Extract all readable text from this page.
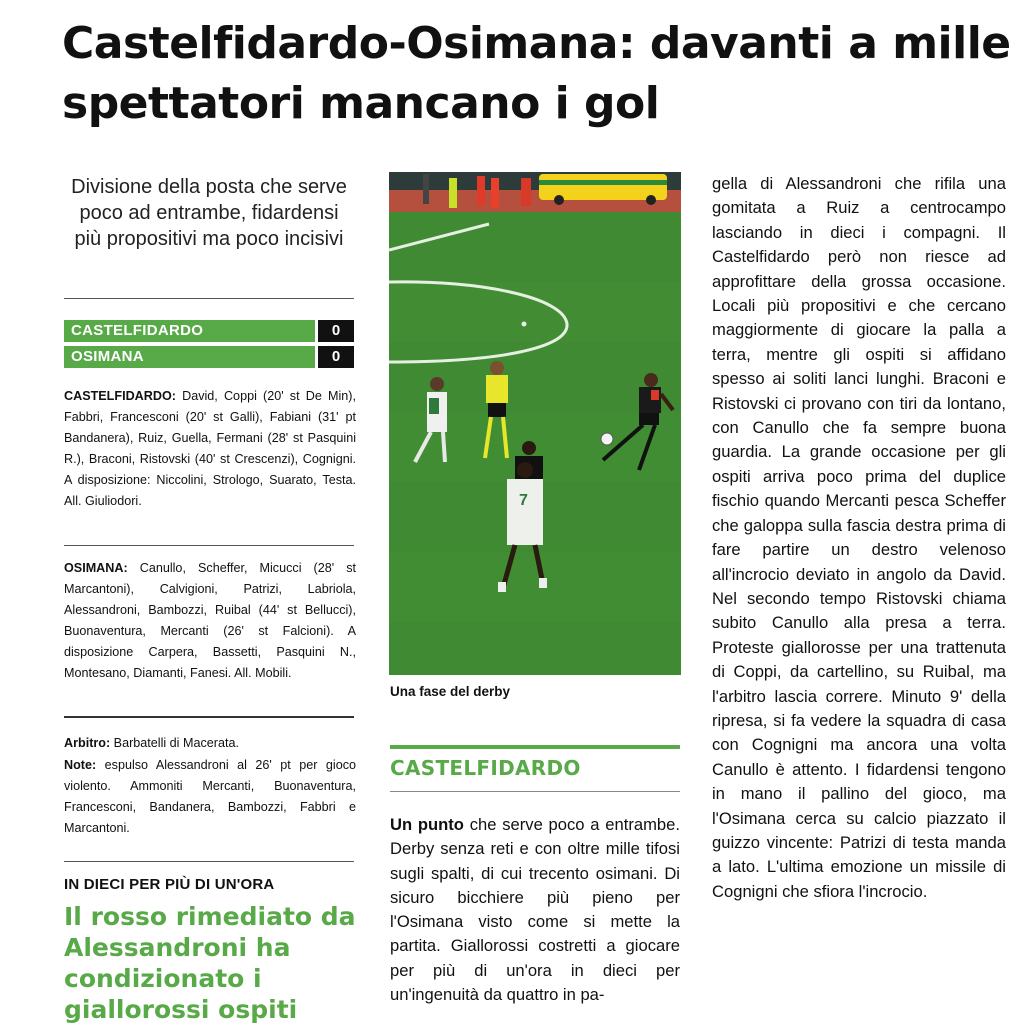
Castelfidardo-Osimana: davanti a mille spettatori mancano i gol

Divisione della posta che serve poco ad entrambe, fidardensi più propositivi ma poco incisivi

CASTELFIDARDO	0
OSIMANA	0

CASTELFIDARDO: David, Coppi (20' st De Min), Fabbri, Francesconi (20' st Galli), Fabiani (31' pt Bandanera), Ruiz, Guella, Fermani (28' st Pasquini R.), Braconi, Ristovski (40' st Crescenzi), Cognigni. A disposizione: Niccolini, Strologo, Suarato, Testa. All. Giuliodori.

OSIMANA: Canullo, Scheffer, Micucci (28' st Marcantoni), Calvigioni, Patrizi, Labriola, Alessandroni, Bambozzi, Ruibal (44' st Bellucci), Buonaventura, Mercanti (26' st Falcioni). A disposizione Carpera, Bassetti, Pasquini N., Montesano, Diamanti, Fanesi. All. Mobili.

Arbitro: Barbatelli di Macerata.

Note: espulso Alessandroni al 26' pt per gioco violento. Ammoniti Mercanti, Buonaventura, Francesconi, Bandanera, Bambozzi, Fabbri e Marcantoni.

IN DIECI PER PIÙ DI UN'ORA

Il rosso rimediato da Alessandroni ha condizionato i giallorossi ospiti

7

Una fase del derby

CASTELFIDARDO

Un punto che serve poco a entrambe. Derby senza reti e con oltre mille tifosi sugli spalti, di cui trecento osimani. Di sicuro bicchiere più pieno per l'Osimana visto come si mette la partita. Giallorossi costretti a giocare per più di un'ora in dieci per un'ingenuità da quattro in pa-

gella di Alessandroni che rifila una gomitata a Ruiz a centrocampo lasciando in dieci i compagni. Il Castelfidardo però non riesce ad approfittare della grossa occasione. Locali più propositivi e che cercano maggiormente di giocare la palla a terra, mentre gli ospiti si affidano spesso ai soliti lanci lunghi. Braconi e Ristovski ci provano con tiri da lontano, con Canullo che fa sempre buona guardia. La grande occasione per gli ospiti arriva poco prima del duplice fischio quando Mercanti pesca Scheffer che galoppa sulla fascia destra prima di fare partire un destro velenoso all'incrocio deviato in angolo da David. Nel secondo tempo Ristovski chiama subito Canullo alla presa a terra. Proteste giallorosse per una trattenuta di Coppi, da cartellino, su Ruibal, ma l'arbitro lascia correre. Minuto 9' della ripresa, si fa vedere la squadra di casa con Cognigni ma ancora una volta Canullo è attento. I fidardensi tengono in mano il pallino del gioco, ma l'Osimana cerca su calcio piazzato il guizzo vincente: Patrizi di testa manda a lato. L'ultima emozione un missile di Cognigni che sfiora l'incrocio.
